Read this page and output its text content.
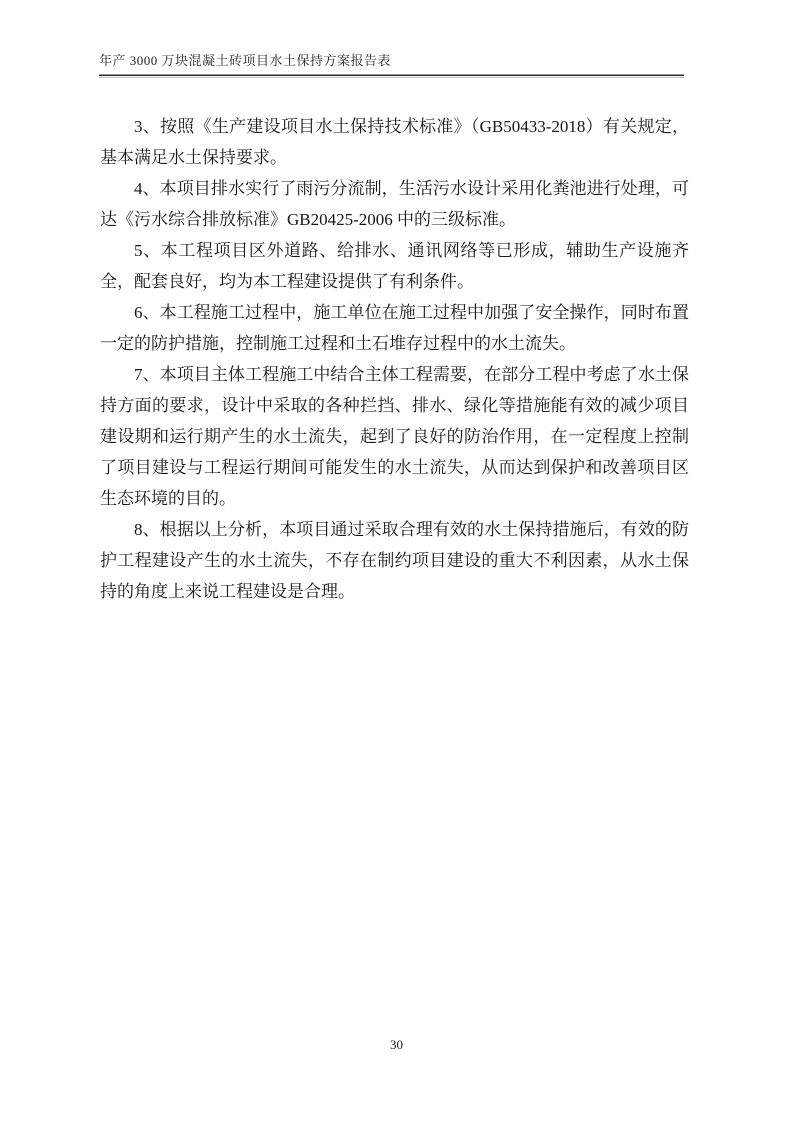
年产 3000 万块混凝土砖项目水土保持方案报告表

3、按照《生产建设项目水土保持技术标准》（GB50433-2018）有关规定，基本满足水土保持要求。

4、本项目排水实行了雨污分流制，生活污水设计采用化粪池进行处理，可达《污水综合排放标准》GB20425-2006 中的三级标准。

5、本工程项目区外道路、给排水、通讯网络等已形成，辅助生产设施齐全，配套良好，均为本工程建设提供了有利条件。

6、本工程施工过程中，施工单位在施工过程中加强了安全操作，同时布置一定的防护措施，控制施工过程和土石堆存过程中的水土流失。

7、本项目主体工程施工中结合主体工程需要，在部分工程中考虑了水土保持方面的要求，设计中采取的各种拦挡、排水、绿化等措施能有效的减少项目建设期和运行期产生的水土流失，起到了良好的防治作用，在一定程度上控制了项目建设与工程运行期间可能发生的水土流失，从而达到保护和改善项目区生态环境的目的。

8、根据以上分析，本项目通过采取合理有效的水土保持措施后，有效的防护工程建设产生的水土流失，不存在制约项目建设的重大不利因素，从水土保持的角度上来说工程建设是合理。

30
